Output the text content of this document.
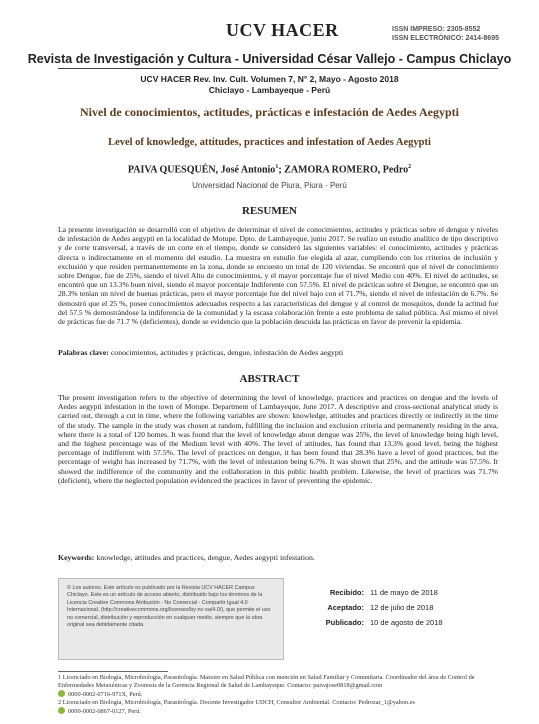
UCV HACER	ISSN IMPRESO: 2305-8552
ISSN ELECTRÓNICO: 2414-8695
Revista de Investigación y Cultura - Universidad César Vallejo - Campus Chiclayo
UCV HACER Rev. Inv. Cult. Volumen 7, N° 2, Mayo - Agosto 2018
Chiclayo - Lambayeque - Perú
Nivel de conocimientos, actitudes, prácticas e infestación de Aedes Aegypti
Level of knowledge, attitudes, practices and infestation of Aedes Aegypti
PAIVA QUESQUÉN, José Antonio$^1$; ZAMORA ROMERO, Pedro$^2$
Universidad Nacional de Piura, Piura - Perú
RESUMEN
La presente investigación se desarrolló con el objetivo de determinar el nivel de conocimientos, actitudes y prácticas sobre el dengue y niveles de infestación de Aedes aegypti en la localidad de Motupe. Dpto. de Lambayeque, junio 2017. Se realizo un estudio analítico de tipo descriptivo y de corte transversal, a través de un corte en el tiempo, donde se consideró las siguientes variables: el conocimiento, actitudes y prácticas directa o indirectamente en el momento del estudio. La muestra en estudio fue elegida al azar, cumpliendo con los criterios de inclusión y exclusión y que residen permanentemente en la zona, donde se encuesto un total de 120 viviendas. Se encontró que el nivel de conocimiento sobre Dengue, fue de 25%, siendo el nivel Alto de conocimientos, y el mayor porcentaje fue el nivel Medio con 40%. El nivel de actitudes, se encontró que un 13.3% buen nivel, siendo el mayor porcentaje Indiferente con 57.5%. El nivel de prácticas sobre el Dengue, se encontró que un 28.3% tenían un nivel de buenas prácticas, pero el mayor porcentaje fue del nivel bajo con el 71.7%, siendo el nivel de infestación de 6.7%. Se demostró que el 25 %, posee conocimientos adecuados respecto a las características del dengue y al control de mosquitos, donde la actitud fue del 57.5 % demostrándose la indiferencia de la comunidad y la escasa colaboración frente a este problema de salud pública. Así mismo el nivel de prácticas fue de 71.7 % (deficientes), donde se evidencio que la población descuida las prácticas en favor de prevenir la epidemia.
Palabras clave: conocimientos, actitudes y prácticas, dengue, infestación de Aedes aegypti
ABSTRACT
The present investigation refers to the objective of determining the level of knowledge, practices and practices on dengue and the levels of Aedes aegypti infestation in the town of Motupe. Department of Lambayeque, June 2017. A descriptive and cross-sectional analytical study is carried out, through a cut in time, where the following variables are shown: knowledge, attitudes and practices directly or indirectly in the time of the study. The sample in the study was chosen at random, fulfilling the inclusion and exclusion criteria and permanently residing in the area, where there is a total of 120 homes. It was found that the level of knowledge about dengue was 25%, the level of knowledge being high level, and the highest percentage was of the Medium level with 40%. The level of attitudes, has found that 13.3% good level, being the highest percentage of indifferent with 57.5%. The level of practices on dengue, it has been found that 28.3% have a level of good practices, but the percentage of weight has increased by 71.7%, with the level of infestation being 6.7%. It was shown that 25%, and the attitude was 57.5%. It showed the indifference of the community and the collaboration in this public health problem. Likewise, the level of practices was 71.7% (deficient), where the neglected population evidenced the practices in favor of preventing the epidemic.
Keywords: knowledge, attitudes and practices, dengue, Aedes aegypti infestation.
© Los autores. Este artículo es publicado por la Revista UCV HACER Campus Chiclayo. Este es un artículo de acceso abierto, distribuido bajo los términos de la Licencia Creative Commons Atribución - No Comercial - Compartir Igual 4.0 Internacional. (http://creativecommons.org/licenses/by-nc-sa/4.0/), que permite el uso no comercial, distribución y reproducción en cualquier medio, siempre que la obra original sea debidamente citada.
Recibido: 11 de mayo de 2018
Aceptado: 12 de julio de 2018
Publicado: 10 de agosto de 2018
1 Licenciado en Biología, Microbiología, Parasitología. Maestro en Salud Pública con mención en Salud Familiar y Comunitaria. Coordinador del área de Control de Enfermedades Metaxénicas y Zoonosis de la Gerencia Regional de Salud de Lambayeque. Contacto: paivajose0818@gmail.com
0000-0002-0716-971X, Perú.
2 Licenciado en Biología, Microbiología, Parasitología. Docente Investigador UDCH, Consultor Ambiental. Contacto: Pedrozar_1@yahoo.es
0000-0002-0867-0127, Perú.
